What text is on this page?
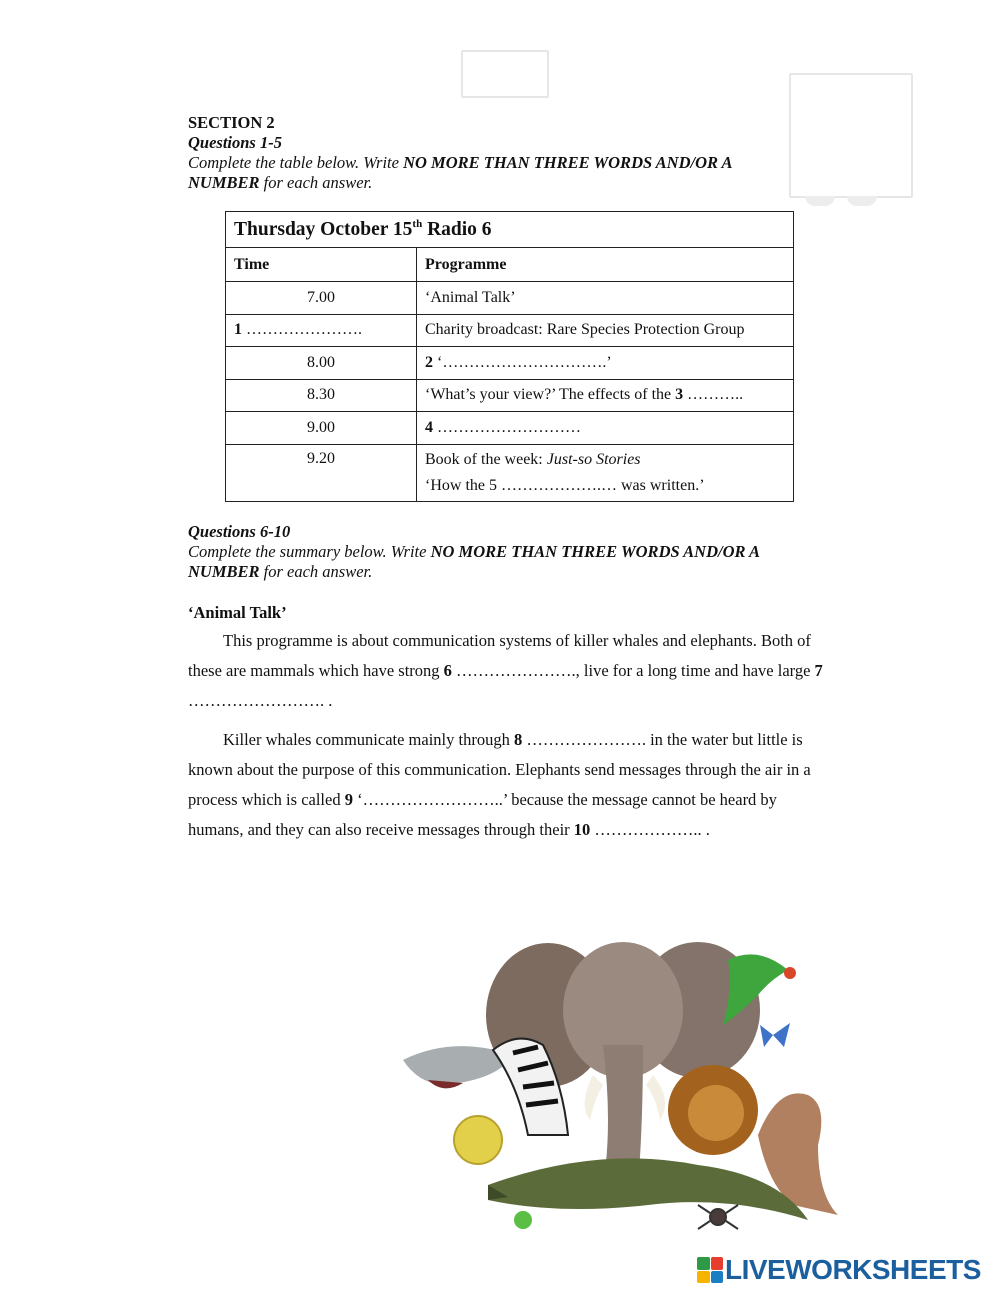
SECTION 2
Questions 1-5
Complete the table below. Write NO MORE THAN THREE WORDS AND/OR A NUMBER for each answer.
Thursday October 15th Radio 6	
Time	Programme
7.00	‘Animal Talk’
1 ………………….	Charity broadcast: Rare Species Protection Group
8.00	2 ‘………………………….’
8.30	‘What’s your view?’ The effects of the 3 ………..
9.00	4 ………………………
9.20	Book of the week: Just-so Stories
‘How the 5 ……………….… was written.’
Questions 6-10
Complete the summary below. Write NO MORE THAN THREE WORDS AND/OR A NUMBER for each answer.
‘Animal Talk’
This programme is about communication systems of killer whales and elephants. Both of these are mammals which have strong 6 …………………., live for a long time and have large 7 ……………………. .
Killer whales communicate mainly through 8 …………………. in the water but little is known about the purpose of this communication. Elephants send messages through the air in a process which is called 9 ‘……………………..’ because the message cannot be heard by humans, and they can also receive messages through their 10 ……………….. .
LIVEWORKSHEETS
